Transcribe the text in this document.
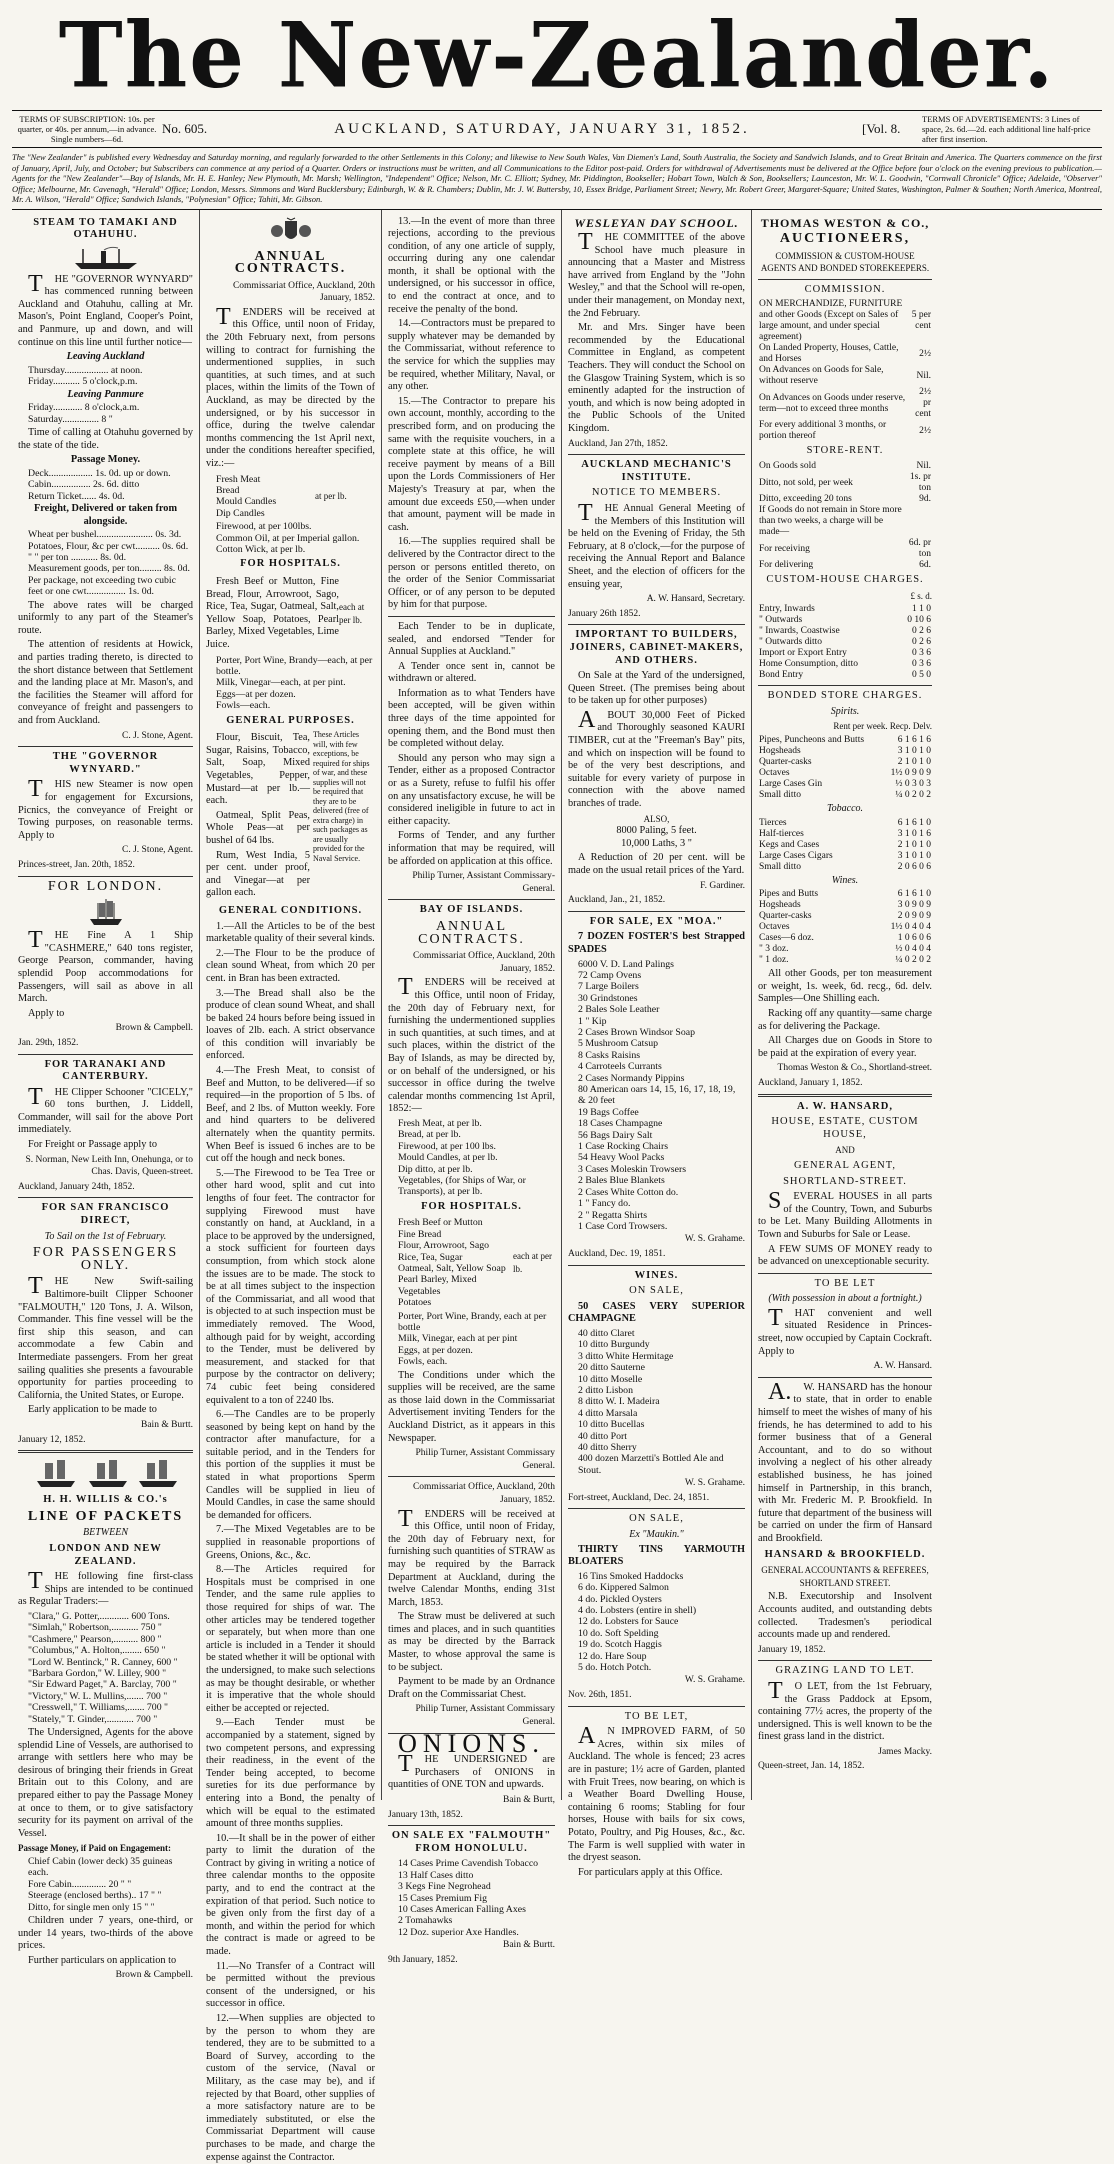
The New-Zealander.
TERMS OF SUBSCRIPTION: 10s. per quarter, or 40s. per annum,—in advance. Single numbers—6d.
No. 605.	AUCKLAND, SATURDAY, JANUARY 31, 1852.	[Vol. 8.
TERMS OF ADVERTISEMENTS: 3 Lines of space, 2s. 6d.—2d. each additional line half-price after first insertion.
The "New Zealander" is published every Wednesday and Saturday morning, and regularly forwarded to the other Settlements in this Colony; and likewise to New South Wales, Van Diemen's Land, South Australia, the Society and Sandwich Islands, and to Great Britain and America. The Quarters commence on the first of January, April, July, and October; but Subscribers can commence at any period of a Quarter. Orders or instructions must be written, and all Communications to the Editor post-paid. Orders for withdrawal of Advertisements must be delivered at the Office before four o'clock on the evening previous to publication.—Agents for the "New Zealander"—Bay of Islands, Mr. H. E. Hanley; New Plymouth, Mr. Marsh; Wellington, "Independent" Office; Nelson, Mr. C. Elliott; Sydney, Mr. Piddington, Bookseller; Hobart Town, Walch & Son, Booksellers; Launceston, Mr. W. L. Goodwin, "Cornwall Chronicle" Office; Adelaide, "Observer" Office; Melbourne, Mr. Cavenagh, "Herald" Office; London, Messrs. Simmons and Ward Bucklersbury; Edinburgh, W. & R. Chambers; Dublin, Mr. J. W. Buttersby, 10, Essex Bridge, Parliament Street; Newry, Mr. Robert Greer, Margaret-Square; United States, Washington, Palmer & Southen; North America, Montreal, Mr. A. Wilson, "Herald" Office; Sandwich Islands, "Polynesian" Office; Tahiti, Mr. Gibson.
STEAM TO TAMAKI AND OTAHUHU.
THE "GOVERNOR WYNYARD" has commenced running between Auckland and Otahuhu, calling at Mr. Mason's, Point England, Cooper's Point, and Panmure, up and down, and will continue on this line until further notice—
Leaving Auckland
Thursday.................. at noon.
Friday........... 5 o'clock,p.m.
Leaving Panmure
Friday............ 8 o'clock,a.m.
Saturday............... 8 "
Time of calling at Otahuhu governed by the state of the tide.
Passage Money.
Deck.................. 1s. 0d. up or down.
Cabin................ 2s. 6d. ditto
Return Ticket...... 4s. 0d.
Freight, Delivered or taken from alongside.
Wheat per bushel....................... 0s. 3d.
Potatoes, Flour, &c per cwt.......... 0s. 6d.
" " per ton ........... 8s. 0d.
Measurement goods, per ton......... 8s. 0d.
Per package, not exceeding two cubic feet or one cwt................ 1s. 0d.
The above rates will be charged uniformly to any part of the Steamer's route.
The attention of residents at Howick, and parties trading thereto, is directed to the short distance between that Settlement and the landing place at Mr. Mason's, and the facilities the Steamer will afford for conveyance of freight and passengers to and from Auckland.
C. J. Stone, Agent.
THE "GOVERNOR WYNYARD."
THIS new Steamer is now open for engagement for Excursions, Picnics, the conveyance of Freight or Towing purposes, on reasonable terms. Apply to
C. J. Stone, Agent.
Princes-street, Jan. 20th, 1852.
FOR LONDON.
THE Fine A 1 Ship "CASHMERE," 640 tons register, George Pearson, commander, having splendid Poop accommodations for Passengers, will sail as above in all March.
Apply to
Brown & Campbell.
Jan. 29th, 1852.
FOR TARANAKI AND CANTERBURY.
THE Clipper Schooner "CICELY," 60 tons burthen, J. Liddell, Commander, will sail for the above Port immediately.
For Freight or Passage apply to
S. Norman, New Leith Inn, Onehunga, or to Chas. Davis, Queen-street.
Auckland, January 24th, 1852.
FOR SAN FRANCISCO DIRECT,
To Sail on the 1st of February.
FOR PASSENGERS ONLY.
THE New Swift-sailing Baltimore-built Clipper Schooner "FALMOUTH," 120 Tons, J. A. Wilson, Commander. This fine vessel will be the first ship this season, and can accommodate a few Cabin and Intermediate passengers. From her great sailing qualities she presents a favourable opportunity for parties proceeding to California, the United States, or Europe.
Early application to be made to
Bain & Burtt.
January 12, 1852.
H. H. WILLIS & CO.'s
LINE OF PACKETS
BETWEEN
LONDON AND NEW ZEALAND.
THE following fine first-class Ships are intended to be continued as Regular Traders:—
"Clara," G. Potter,............ 600 Tons.
"Simlah," Robertson,........... 750 "
"Cashmere," Pearson,.......... 800 "
"Columbus," A. Holton,........ 650 "
"Lord W. Bentinck," R. Canney, 600 "
"Barbara Gordon," W. Lilley, 900 "
"Sir Edward Paget," A. Barclay, 700 "
"Victory," W. L. Mullins,....... 700 "
"Cresswell," T. Williams,....... 700 "
"Stately," T. Ginder,........... 700 "
The Undersigned, Agents for the above splendid Line of Vessels, are authorised to arrange with settlers here who may be desirous of bringing their friends in Great Britain out to this Colony, and are prepared either to pay the Passage Money at once to them, or to give satisfactory security for its payment on arrival of the Vessel.
Passage Money, if Paid on Engagement:
Chief Cabin (lower deck) 35 guineas each.
Fore Cabin.............. 20 " "
Steerage (enclosed berths).. 17 " "
Ditto, for single men only 15 " "
Children under 7 years, one-third, or under 14 years, two-thirds of the above prices.
Further particulars on application to
Brown & Campbell.
ANNUAL CONTRACTS.
Commissariat Office, Auckland, 20th January, 1852.
TENDERS will be received at this Office, until noon of Friday, the 20th February next, from persons willing to contract for furnishing the undermentioned supplies, in such quantities, at such times, and at such places, within the limits of the Town of Auckland, as may be directed by the undersigned, or by his successor in office, during the twelve calendar months commencing the 1st April next, under the conditions hereafter specified, viz.:—
Fresh Meat
Bread
Mould Candles
Dip Candles
at per lb.
Firewood, at per 100lbs.
Common Oil, at per Imperial gallon.
Cotton Wick, at per lb.
FOR HOSPITALS.
Fresh Beef or Mutton, Fine Bread, Flour, Arrowroot, Sago, Rice, Tea, Sugar, Oatmeal, Salt, Yellow Soap, Potatoes, Pearl Barley, Mixed Vegetables, Lime Juice.
each at per lb.
Porter, Port Wine, Brandy—each, at per bottle.
Milk, Vinegar—each, at per pint.
Eggs—at per dozen.
Fowls—each.
GENERAL PURPOSES.
Flour, Biscuit, Tea, Sugar, Raisins, Tobacco, Salt, Soap, Mixed Vegetables, Pepper, Mustard—at per lb.—each.
Oatmeal, Split Peas, Whole Peas—at per bushel of 64 lbs.
Rum, West India, 5 per cent. under proof, and Vinegar—at per gallon each.
These Articles will, with few exceptions, be required for ships of war, and these supplies will not be required that they are to be delivered (free of extra charge) in such packages as are usually provided for the Naval Service.
GENERAL CONDITIONS.
1.—All the Articles to be of the best marketable quality of their several kinds.
2.—The Flour to be the produce of clean sound Wheat, from which 20 per cent. in Bran has been extracted.
3.—The Bread shall also be the produce of clean sound Wheat, and shall be baked 24 hours before being issued in loaves of 2lb. each. A strict observance of this condition will invariably be enforced.
4.—The Fresh Meat, to consist of Beef and Mutton, to be delivered—if so required—in the proportion of 5 lbs. of Beef, and 2 lbs. of Mutton weekly. Fore and hind quarters to be delivered alternately when the quantity permits. When Beef is issued 6 inches are to be cut off the hough and neck bones.
5.—The Firewood to be Tea Tree or other hard wood, split and cut into lengths of four feet. The contractor for supplying Firewood must have constantly on hand, at Auckland, in a place to be approved by the undersigned, a stock sufficient for fourteen days consumption, from which stock alone the issues are to be made. The stock to be at all times subject to the inspection of the Commissariat, and all wood that is objected to at such inspection must be immediately removed. The Wood, although paid for by weight, according to the Tender, must be delivered by measurement, and stacked for that purpose by the contractor on delivery; 74 cubic feet being considered equivalent to a ton of 2240 lbs.
6.—The Candles are to be properly seasoned by being kept on hand by the contractor after manufacture, for a suitable period, and in the Tenders for this portion of the supplies it must be stated in what proportions Sperm Candles will be supplied in lieu of Mould Candles, in case the same should be demanded for officers.
7.—The Mixed Vegetables are to be supplied in reasonable proportions of Greens, Onions, &c., &c.
8.—The Articles required for Hospitals must be comprised in one Tender, and the same rule applies to those required for ships of war. The other articles may be tendered together or separately, but when more than one article is included in a Tender it should be stated whether it will be optional with the undersigned, to make such selections as may be thought desirable, or whether it is imperative that the whole should either be accepted or rejected.
9.—Each Tender must be accompanied by a statement, signed by two competent persons, and expressing their readiness, in the event of the Tender being accepted, to become sureties for its due performance by entering into a Bond, the penalty of which will be equal to the estimated amount of three months supplies.
10.—It shall be in the power of either party to limit the duration of the Contract by giving in writing a notice of three calendar months to the opposite party, and to end the contract at the expiration of that period. Such notice to be given only from the first day of a month, and within the period for which the contract is made or agreed to be made.
11.—No Transfer of a Contract will be permitted without the previous consent of the undersigned, or his successor in office.
12.—When supplies are objected to by the person to whom they are tendered, they are to be submitted to a Board of Survey, according to the custom of the service, (Naval or Military, as the case may be), and if rejected by that Board, other supplies of a more satisfactory nature are to be immediately substituted, or else the Commissariat Department will cause purchases to be made, and charge the expense against the Contractor.
13.—In the event of more than three rejections, according to the previous condition, of any one article of supply, occurring during any one calendar month, it shall be optional with the undersigned, or his successor in office, to end the contract at once, and to receive the penalty of the bond.
14.—Contractors must be prepared to supply whatever may be demanded by the Commissariat, without reference to the service for which the supplies may be required, whether Military, Naval, or any other.
15.—The Contractor to prepare his own account, monthly, according to the prescribed form, and on producing the same with the requisite vouchers, in a complete state at this office, he will receive payment by means of a Bill upon the Lords Commissioners of Her Majesty's Treasury at par, when the amount due exceeds £50,—when under that amount, payment will be made in cash.
16.—The supplies required shall be delivered by the Contractor direct to the person or persons entitled thereto, on the order of the Senior Commissariat Officer, or of any person to be deputed by him for that purpose.
Each Tender to be in duplicate, sealed, and endorsed "Tender for Annual Supplies at Auckland."
A Tender once sent in, cannot be withdrawn or altered.
Information as to what Tenders have been accepted, will be given within three days of the time appointed for opening them, and the Bond must then be completed without delay.
Should any person who may sign a Tender, either as a proposed Contractor or as a Surety, refuse to fulfil his offer on any unsatisfactory excuse, he will be considered ineligible in future to act in either capacity.
Forms of Tender, and any further information that may be required, will be afforded on application at this office.
Philip Turner, Assistant Commissary-General.
BAY OF ISLANDS.
ANNUAL CONTRACTS.
Commissariat Office, Auckland, 20th January, 1852.
TENDERS will be received at this Office, until noon of Friday, the 20th day of February next, for furnishing the undermentioned supplies in such quantities, at such times, and at such places, within the district of the Bay of Islands, as may be directed by, or on behalf of the undersigned, or his successor in office during the twelve calendar months commencing 1st April, 1852:—
Fresh Meat, at per lb.
Bread, at per lb.
Firewood, at per 100 lbs.
Mould Candles, at per lb.
Dip ditto, at per lb.
Vegetables, (for Ships of War, or Transports), at per lb.
FOR HOSPITALS.
Fresh Beef or Mutton
Fine Bread
Flour, Arrowroot, Sago
Rice, Tea, Sugar
Oatmeal, Salt, Yellow Soap
Pearl Barley, Mixed Vegetables
Potatoes
each at per lb.
Porter, Port Wine, Brandy, each at per bottle
Milk, Vinegar, each at per pint
Eggs, at per dozen.
Fowls, each.
The Conditions under which the supplies will be received, are the same as those laid down in the Commissariat Advertisement inviting Tenders for the Auckland District, as it appears in this Newspaper.
Philip Turner, Assistant Commissary General.
Commissariat Office, Auckland, 20th January, 1852.
TENDERS will be received at this Office, until noon of Friday, the 20th day of February next, for furnishing such quantities of STRAW as may be required by the Barrack Department at Auckland, during the twelve Calendar Months, ending 31st March, 1853.
The Straw must be delivered at such times and places, and in such quantities as may be directed by the Barrack Master, to whose approval the same is to be subject.
Payment to be made by an Ordnance Draft on the Commissariat Chest.
Philip Turner, Assistant Commissary General.
ONIONS.
THE UNDERSIGNED are Purchasers of ONIONS in quantities of ONE TON and upwards.
Bain & Burtt,
January 13th, 1852.
ON SALE EX "FALMOUTH" FROM HONOLULU.
14 Cases Prime Cavendish Tobacco
13 Half Cases ditto
3 Kegs Fine Negrohead
15 Cases Premium Fig
10 Cases American Falling Axes
2 Tomahawks
12 Doz. superior Axe Handles.
Bain & Burtt.
9th January, 1852.
WESLEYAN DAY SCHOOL.
THE COMMITTEE of the above School have much pleasure in announcing that a Master and Mistress have arrived from England by the "John Wesley," and that the School will re-open, under their management, on Monday next, the 2nd February.
Mr. and Mrs. Singer have been recommended by the Educational Committee in England, as competent Teachers. They will conduct the School on the Glasgow Training System, which is so eminently adapted for the instruction of youth, and which is now being adopted in the Public Schools of the United Kingdom.
Auckland, Jan 27th, 1852.
AUCKLAND MECHANIC'S INSTITUTE.
NOTICE TO MEMBERS.
THE Annual General Meeting of the Members of this Institution will be held on the Evening of Friday, the 5th February, at 8 o'clock,—for the purpose of receiving the Annual Report and Balance Sheet, and the election of officers for the ensuing year,
A. W. Hansard, Secretary.
January 26th 1852.
IMPORTANT TO BUILDERS, JOINERS, CABINET-MAKERS, AND OTHERS.
On Sale at the Yard of the undersigned, Queen Street. (The premises being about to be taken up for other purposes)
ABOUT 30,000 Feet of Picked and Thoroughly seasoned KAURI TIMBER, cut at the "Freeman's Bay" pits, and which on inspection will be found to be of the very best descriptions, and suitable for every variety of purpose in connection with the above named branches of trade.
ALSO,
8000 Paling, 5 feet.
10,000 Laths, 3 "
A Reduction of 20 per cent. will be made on the usual retail prices of the Yard.
F. Gardiner.
Auckland, Jan., 21, 1852.
FOR SALE, EX "MOA."
7 DOZEN FOSTER'S best Strapped SPADES
6000 V. D. Land Palings
72 Camp Ovens
7 Large Boilers
30 Grindstones
2 Bales Sole Leather
1 " Kip
2 Cases Brown Windsor Soap
5 Mushroom Catsup
8 Casks Raisins
4 Carroteels Currants
2 Cases Normandy Pippins
80 American oars 14, 15, 16, 17, 18, 19, & 20 feet
19 Bags Coffee
18 Cases Champagne
56 Bags Dairy Salt
1 Case Rocking Chairs
54 Heavy Wool Packs
3 Cases Moleskin Trowsers
2 Bales Blue Blankets
2 Cases White Cotton do.
1 " Fancy do.
2 " Regatta Shirts
1 Case Cord Trowsers.
W. S. Grahame.
Auckland, Dec. 19, 1851.
WINES.
ON SALE,
50 CASES VERY SUPERIOR CHAMPAGNE
40 ditto Claret
10 ditto Burgundy
3 ditto White Hermitage
20 ditto Sauterne
10 ditto Moselle
2 ditto Lisbon
8 ditto W. I. Madeira
4 ditto Marsala
10 ditto Bucellas
40 ditto Port
40 ditto Sherry
400 dozen Marzetti's Bottled Ale and Stout.
W. S. Grahame.
Fort-street, Auckland, Dec. 24, 1851.
ON SALE,
Ex "Maukin."
THIRTY TINS YARMOUTH BLOATERS
16 Tins Smoked Haddocks
6 do. Kippered Salmon
4 do. Pickled Oysters
4 do. Lobsters (entire in shell)
12 do. Lobsters for Sauce
10 do. Soft Spelding
19 do. Scotch Haggis
12 do. Hare Soup
5 do. Hotch Potch.
W. S. Grahame.
Nov. 26th, 1851.
TO BE LET,
AN IMPROVED FARM, of 50 Acres, within six miles of Auckland. The whole is fenced; 23 acres are in pasture; 1½ acre of Garden, planted with Fruit Trees, now bearing, on which is a Weather Board Dwelling House, containing 6 rooms; Stabling for four horses, House with bails for six cows, Potato, Poultry, and Pig Houses, &c., &c. The Farm is well supplied with water in the dryest season.
For particulars apply at this Office.
THOMAS WESTON & CO.,
AUCTIONEERS,
COMMISSION & CUSTOM-HOUSE AGENTS AND BONDED STOREKEEPERS.
COMMISSION.
ON MERCHANDIZE, FURNITURE and other Goods (Except on Sales of large amount, and under special agreement)	5 per cent
On Landed Property, Houses, Cattle, and Horses	2½
On Advances on Goods for Sale, without reserve	Nil.
On Advances on Goods under reserve, term—not to exceed three months	2½ pr cent
For every additional 3 months, or portion thereof	2½
STORE-RENT.
On Goods sold	Nil.
Ditto, not sold, per week	1s. pr ton
Ditto, exceeding 20 tons	9d.
If Goods do not remain in Store more than two weeks, a charge will be made—	
For receiving	6d. pr ton
For delivering	6d.
CUSTOM-HOUSE CHARGES.
£ s. d.
Entry, Inwards	1 1 0
" Outwards	0 10 6
" Inwards, Coastwise	0 2 6
" Outwards ditto	0 2 6
Import or Export Entry	0 3 6
Home Consumption, ditto	0 3 6
Bond Entry	0 5 0
BONDED STORE CHARGES.
Spirits.
Rent per week. Recp. Delv.
Pipes, Puncheons and Butts	6 1 6 1 6
Hogsheads	3 1 0 1 0
Quarter-casks	2 1 0 1 0
Octaves	1½ 0 9 0 9
Large Cases Gin	½ 0 3 0 3
Small ditto	¼ 0 2 0 2
Tobacco.
Tierces	6 1 6 1 0
Half-tierces	3 1 0 1 6
Kegs and Cases	2 1 0 1 0
Large Cases Cigars	3 1 0 1 0
Small ditto	2 0 6 0 6
Wines.
Pipes and Butts	6 1 6 1 0
Hogsheads	3 0 9 0 9
Quarter-casks	2 0 9 0 9
Octaves	1½ 0 4 0 4
Cases—6 doz.	1 0 6 0 6
" 3 doz.	½ 0 4 0 4
" 1 doz.	¼ 0 2 0 2
All other Goods, per ton measurement or weight, 1s. week, 6d. recg., 6d. delv. Samples—One Shilling each.
Racking off any quantity—same charge as for delivering the Package.
All Charges due on Goods in Store to be paid at the expiration of every year.
Thomas Weston & Co., Shortland-street.
Auckland, January 1, 1852.
A. W. HANSARD,
HOUSE, ESTATE, CUSTOM HOUSE,
AND
GENERAL AGENT,
SHORTLAND-STREET.
SEVERAL HOUSES in all parts of the Country, Town, and Suburbs to be Let. Many Building Allotments in Town and Suburbs for Sale or Lease.
A FEW SUMS OF MONEY ready to be advanced on unexceptionable security.
TO BE LET
(With possession in about a fortnight.)
THAT convenient and well situated Residence in Princes-street, now occupied by Captain Cockraft. Apply to
A. W. Hansard.
A.W. HANSARD has the honour to state, that in order to enable himself to meet the wishes of many of his friends, he has determined to add to his former business that of a General Accountant, and to do so without involving a neglect of his other already established business, he has joined himself in Partnership, in this branch, with Mr. Frederic M. P. Brookfield. In future that department of the business will be carried on under the firm of Hansard and Brookfield.
HANSARD & BROOKFIELD.
GENERAL ACCOUNTANTS & REFEREES, SHORTLAND STREET.
N.B. Executorship and Insolvent Accounts audited, and outstanding debts collected. Tradesmen's periodical accounts made up and rendered.
January 19, 1852.
GRAZING LAND TO LET.
TO LET, from the 1st February, the Grass Paddock at Epsom, containing 77½ acres, the property of the undersigned. This is well known to be the finest grass land in the district.
James Macky.
Queen-street, Jan. 14, 1852.
